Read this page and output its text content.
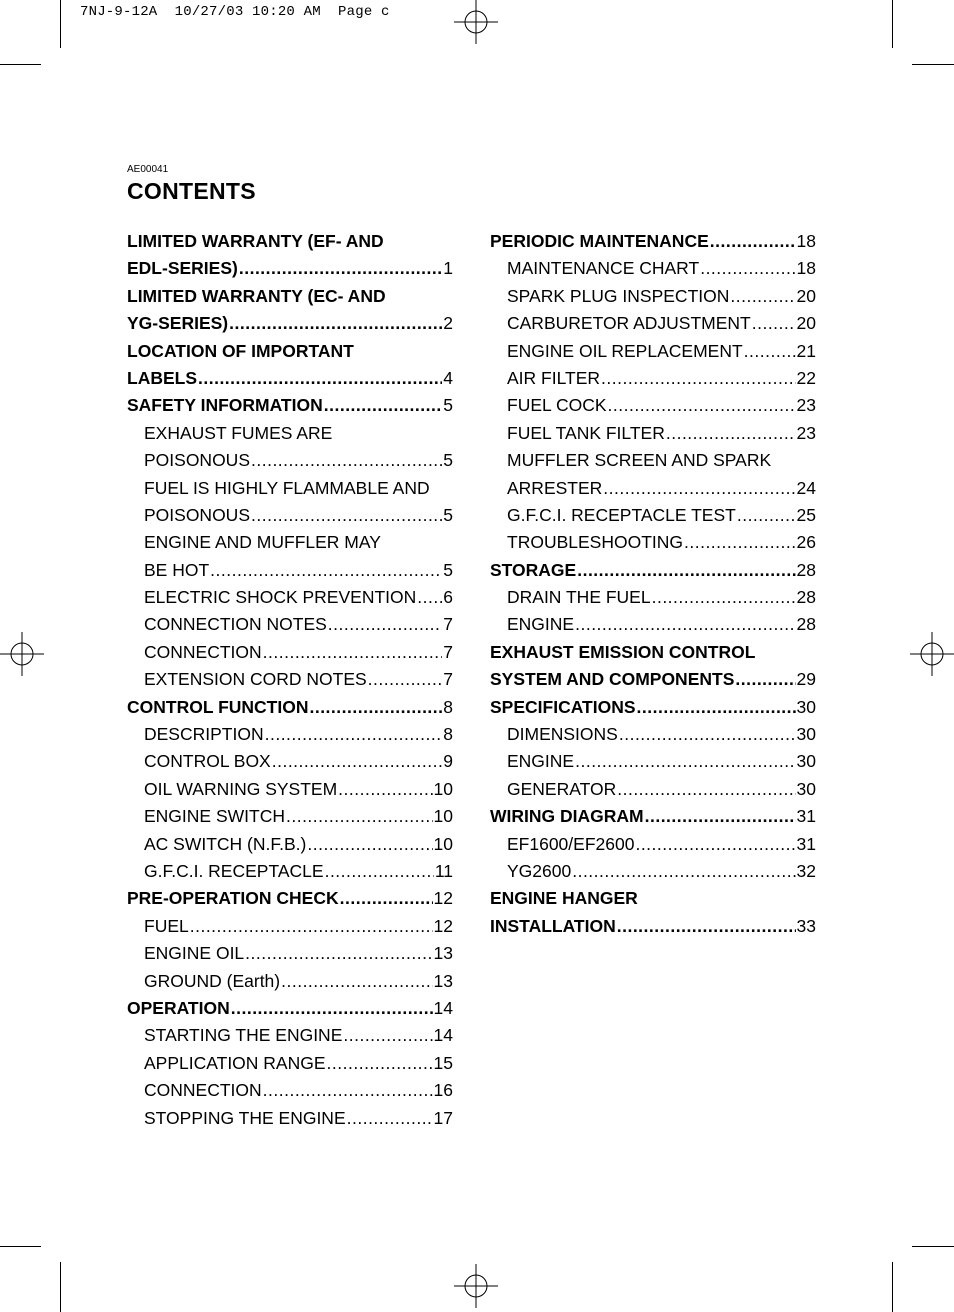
7NJ-9-12A  10/27/03 10:20 AM  Page c
AE00041
CONTENTS
LIMITED WARRANTY (EF- AND
EDL-SERIES) .....	1
LIMITED WARRANTY (EC- AND
YG-SERIES) .....	2
LOCATION OF IMPORTANT
LABELS .....	4
SAFETY INFORMATION .....	5
EXHAUST FUMES ARE
POISONOUS .....	5
FUEL IS HIGHLY FLAMMABLE AND
POISONOUS .....	5
ENGINE AND MUFFLER MAY
BE HOT .....	5
ELECTRIC SHOCK PREVENTION ..... 6
CONNECTION NOTES .....	7
CONNECTION .....	7
EXTENSION CORD NOTES .....	7
CONTROL FUNCTION .....	8
DESCRIPTION .....	8
CONTROL BOX .....	9
OIL WARNING SYSTEM .....	10
ENGINE SWITCH .....	10
AC SWITCH (N.F.B.) .....	10
G.F.C.I. RECEPTACLE .....	11
PRE-OPERATION CHECK .....	12
FUEL .....	12
ENGINE OIL .....	13
GROUND (Earth) .....	13
OPERATION .....	14
STARTING THE ENGINE .....	14
APPLICATION RANGE .....	15
CONNECTION .....	16
STOPPING THE ENGINE .....	17
PERIODIC MAINTENANCE .....	18
MAINTENANCE CHART .....	18
SPARK PLUG INSPECTION .....	20
CARBURETOR ADJUSTMENT .....	20
ENGINE OIL REPLACEMENT .....	21
AIR FILTER .....	22
FUEL COCK .....	23
FUEL TANK FILTER .....	23
MUFFLER SCREEN AND SPARK
ARRESTER .....	24
G.F.C.I. RECEPTACLE TEST .....	25
TROUBLESHOOTING .....	26
STORAGE .....	28
DRAIN THE FUEL .....	28
ENGINE .....	28
EXHAUST EMISSION CONTROL
SYSTEM AND COMPONENTS .....	29
SPECIFICATIONS .....	30
DIMENSIONS .....	30
ENGINE .....	30
GENERATOR .....	30
WIRING DIAGRAM .....	31
EF1600/EF2600 .....	31
YG2600 .....	32
ENGINE HANGER
INSTALLATION .....	33
